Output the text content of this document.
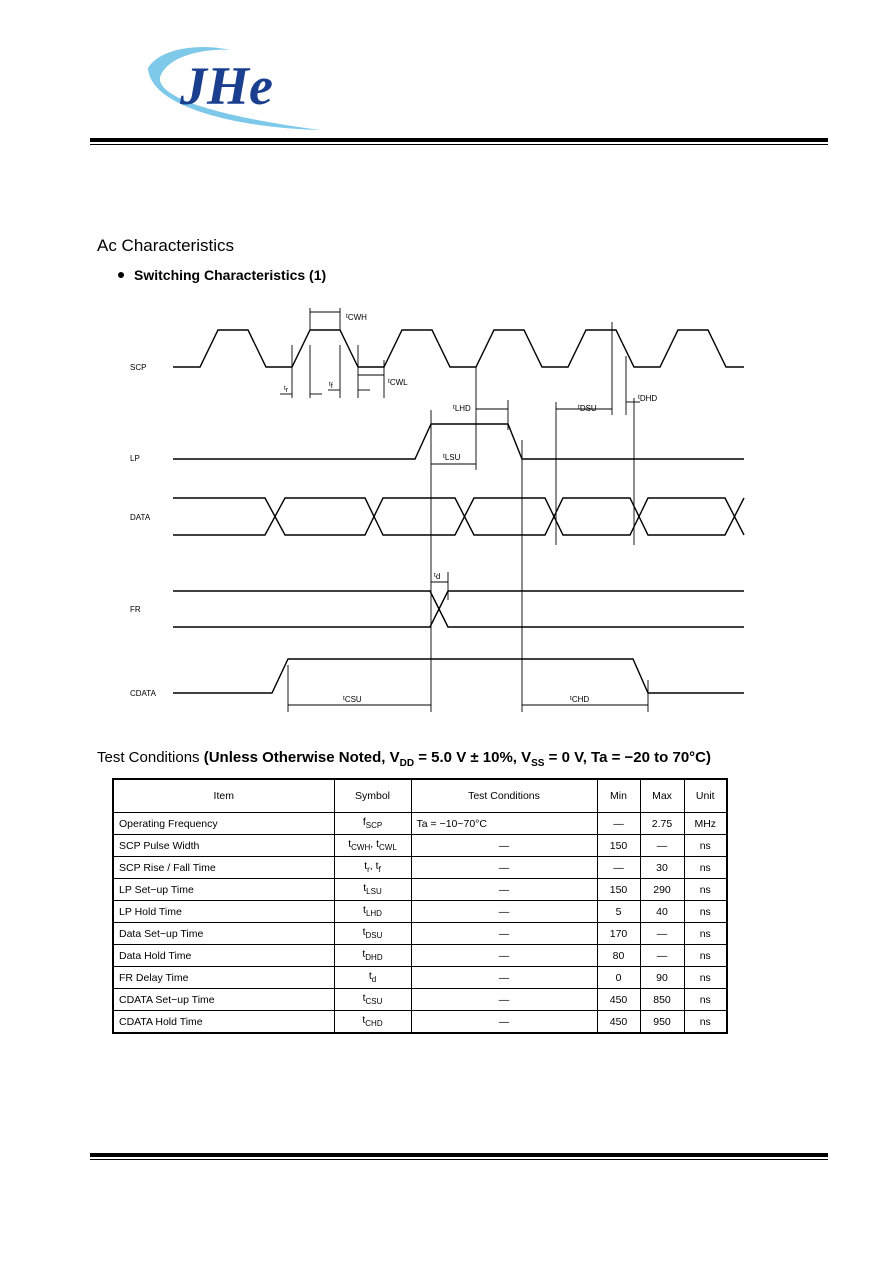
JHe
Ac Characteristics
Switching Characteristics (1)
SCP
LP
DATA
FR
CDATA
tCWH
tr
tf
tCWL
tLHD	tDSU
tDHD
tLSU
td
tCSU	tCHD
Test Conditions (Unless Otherwise Noted, $V_{DD} = 5.0$ V ± 10%, $V_{SS} = 0$ V, Ta = −20 to 70°C)
Item	Symbol	Test Conditions	Min	Max	Unit
Operating Frequency	$f_{SCP}$	Ta = −10~70°C	—	2.75	MHz
SCP Pulse Width	$t_{CWH}$, $t_{CWL}$	—	150	—	ns
SCP Rise / Fall Time	$t_r$, $t_f$	—	—	30	ns
LP Set−up Time	$t_{LSU}$	—	150	290	ns
LP Hold Time	$t_{LHD}$	—	5	40	ns
Data Set−up Time	$t_{DSU}$	—	170	—	ns
Data Hold Time	$t_{DHD}$	—	80	—	ns
FR Delay Time	$t_d$	—	0	90	ns
CDATA Set−up Time	$t_{CSU}$	—	450	850	ns
CDATA Hold Time	$t_{CHD}$	—	450	950	ns
